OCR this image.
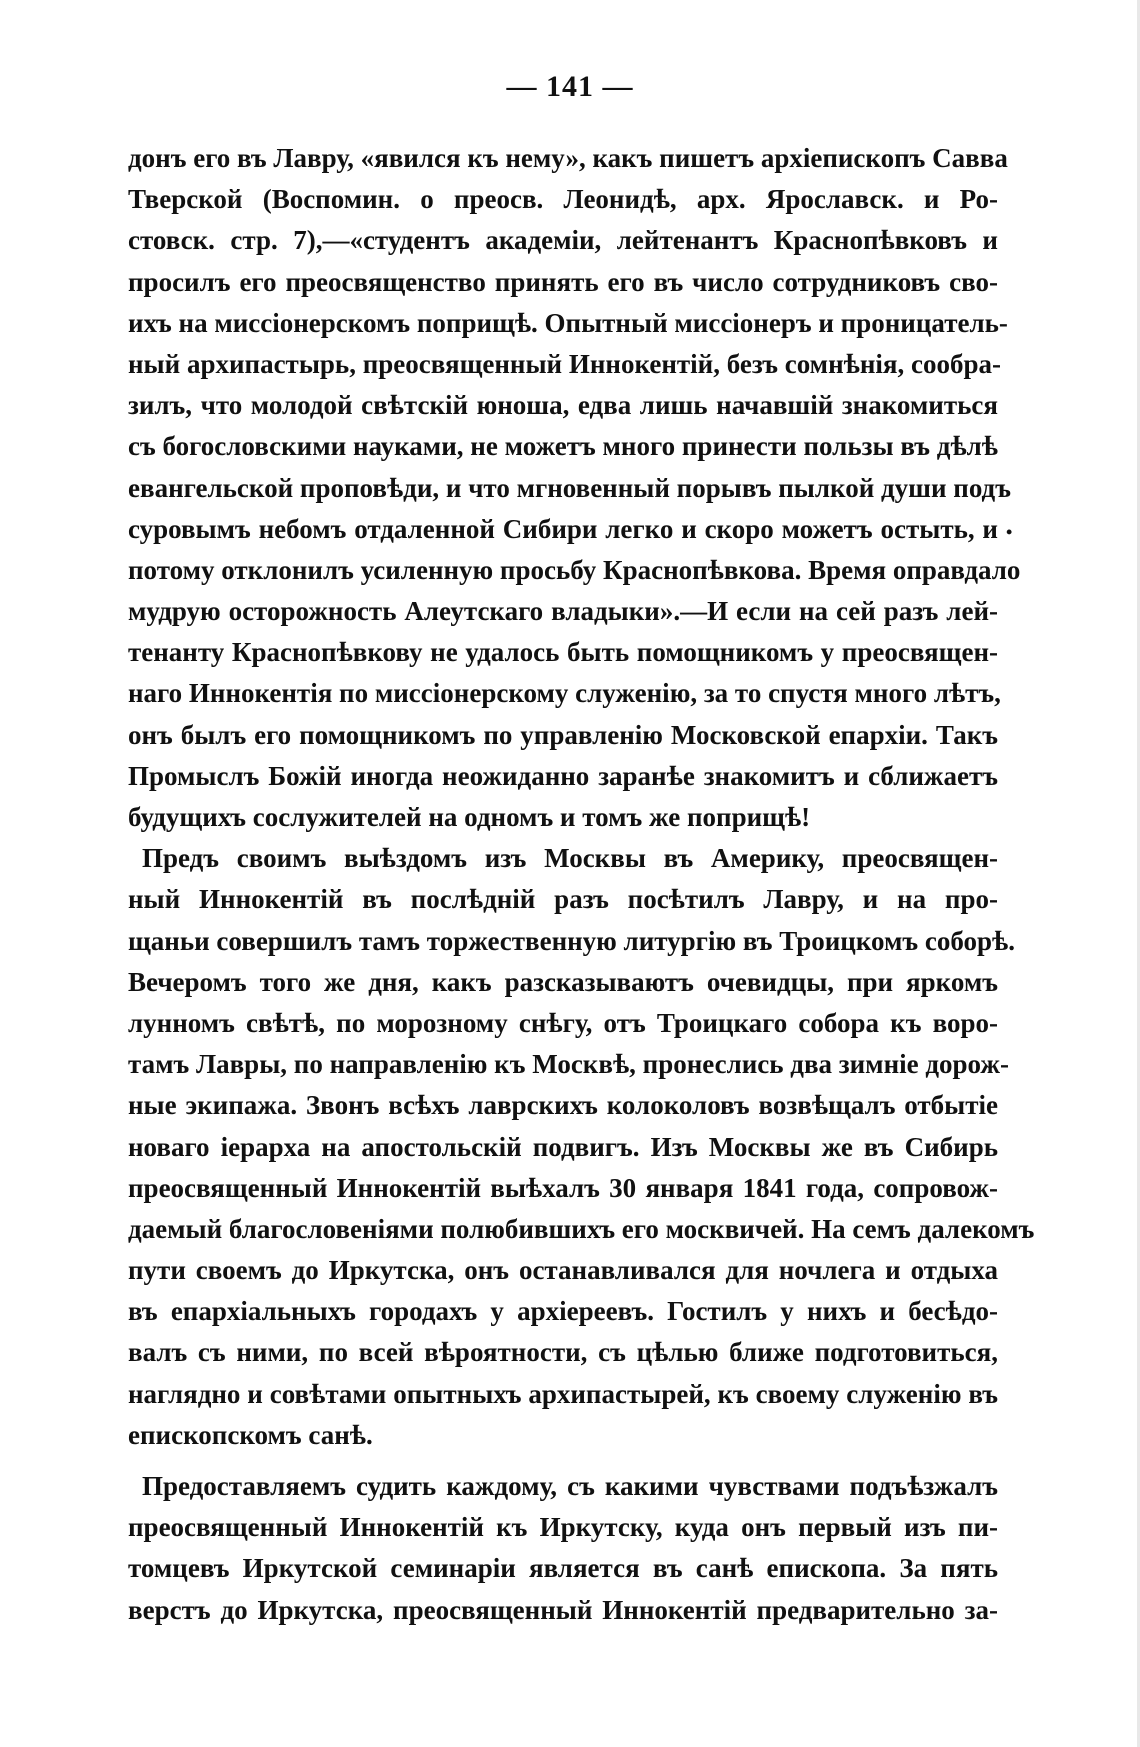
— 141 —
донъ его въ Лавру, «явился къ нему», какъ пишетъ архіепископъ Савва
Тверской (Воспомин. о преосв. Леонидѣ, арх. Ярославск. и Ро-
стовск. стр. 7),—«студентъ академіи, лейтенантъ Краснопѣвковъ и
просилъ его преосвященство принять его въ число сотрудниковъ сво-
ихъ на миссіонерскомъ поприщѣ. Опытный миссіонеръ и проницатель-
ный архипастырь, преосвященный Иннокентій, безъ сомнѣнія, сообра-
зилъ, что молодой свѣтскій юноша, едва лишь начавшій знакомиться
съ богословскими науками, не можетъ много принести пользы въ дѣлѣ
евангельской проповѣди, и что мгновенный порывъ пылкой души подъ
суровымъ небомъ отдаленной Сибири легко и скоро можетъ остыть, и
потому отклонилъ усиленную просьбу Краснопѣвкова. Время оправдало
мудрую осторожность Алеутскаго владыки».—И если на сей разъ лей-
тенанту Краснопѣвкову не удалось быть помощникомъ у преосвящен-
наго Иннокентія по миссіонерскому служенію, за то спустя много лѣтъ,
онъ былъ его помощникомъ по управленію Московской епархіи. Такъ
Промыслъ Божій иногда неожиданно заранѣе знакомитъ и сближаетъ
будущихъ сослужителей на одномъ и томъ же поприщѣ!
Предъ своимъ выѣздомъ изъ Москвы въ Америку, преосвящен-
ный Иннокентій въ послѣдній разъ посѣтилъ Лавру, и на про-
щаньи совершилъ тамъ торжественную литургію въ Троицкомъ соборѣ.
Вечеромъ того же дня, какъ разсказываютъ очевидцы, при яркомъ
лунномъ свѣтѣ, по морозному снѣгу, отъ Троицкаго собора къ воро-
тамъ Лавры, по направленію къ Москвѣ, пронеслись два зимніе дорож-
ные экипажа. Звонъ всѣхъ лаврскихъ колоколовъ возвѣщалъ отбытіе
новаго іерарха на апостольскій подвигъ. Изъ Москвы же въ Сибирь
преосвященный Иннокентій выѣхалъ 30 января 1841 года, сопровож-
даемый благословеніями полюбившихъ его москвичей. На семъ далекомъ
пути своемъ до Иркутска, онъ останавливался для ночлега и отдыха
въ епархіальныхъ городахъ у архіереевъ. Гостилъ у нихъ и бесѣдо-
валъ съ ними, по всей вѣроятности, съ цѣлью ближе подготовиться,
наглядно и совѣтами опытныхъ архипастырей, къ своему служенію въ
епископскомъ санѣ.
Предоставляемъ судить каждому, съ какими чувствами подъѣзжалъ
преосвященный Иннокентій къ Иркутску, куда онъ первый изъ пи-
томцевъ Иркутской семинаріи является въ санѣ епископа. За пять
верстъ до Иркутска, преосвященный Иннокентій предварительно за-
•
